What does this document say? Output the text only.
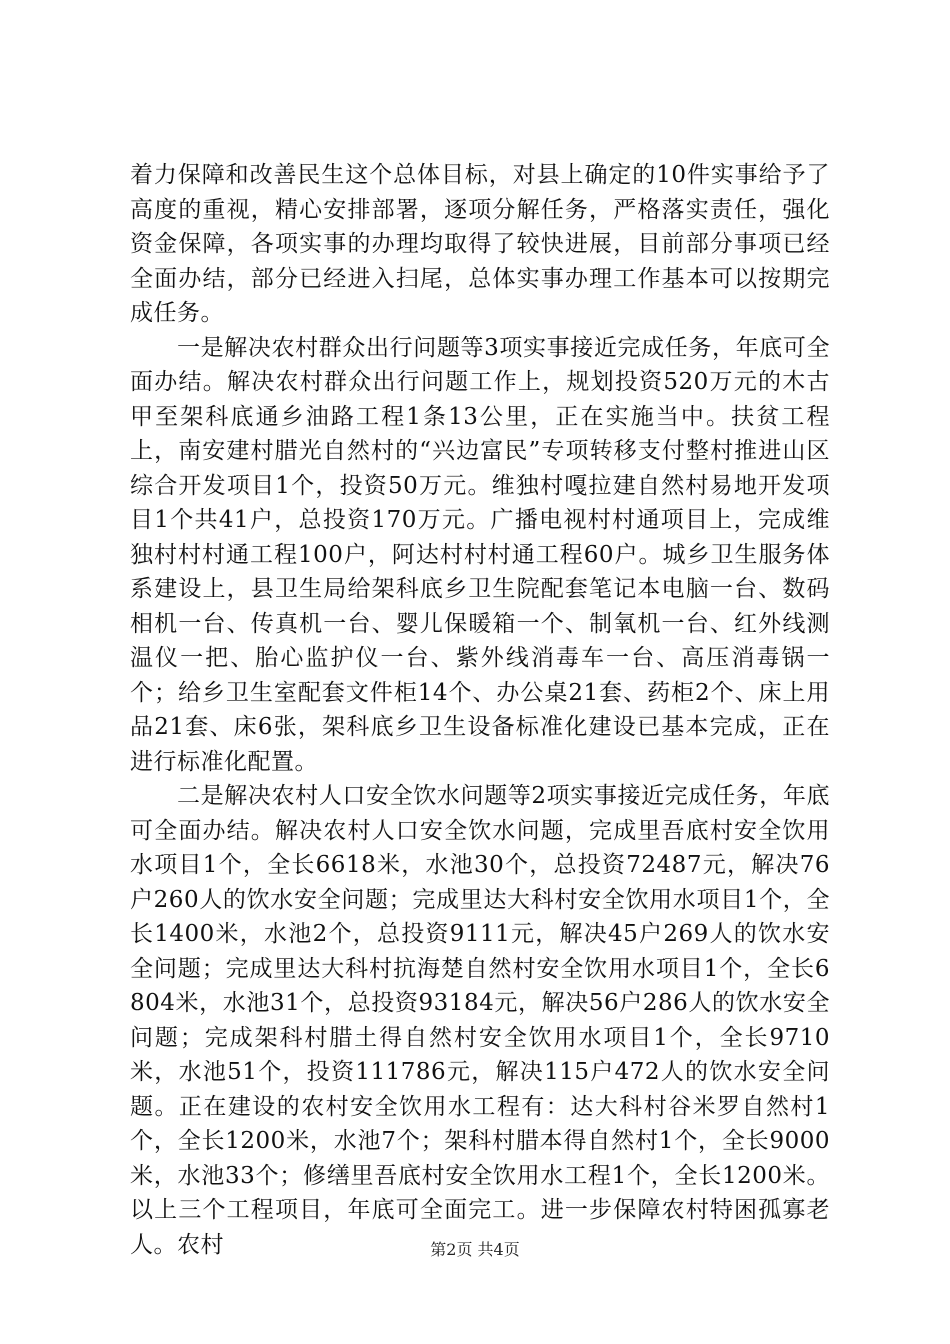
着力保障和改善民生这个总体目标，对县上确定的10件实事给予了高度的重视，精心安排部署，逐项分解任务，严格落实责任，强化资金保障，各项实事的办理均取得了较快进展，目前部分事项已经全面办结，部分已经进入扫尾，总体实事办理工作基本可以按期完成任务。

一是解决农村群众出行问题等3项实事接近完成任务，年底可全面办结。解决农村群众出行问题工作上，规划投资520万元的木古甲至架科底通乡油路工程1条13公里，正在实施当中。扶贫工程上，南安建村腊光自然村的“兴边富民”专项转移支付整村推进山区综合开发项目1个，投资50万元。维独村嘎拉建自然村易地开发项目1个共41户，总投资170万元。广播电视村村通项目上，完成维独村村村通工程100户，阿达村村村通工程60户。城乡卫生服务体系建设上，县卫生局给架科底乡卫生院配套笔记本电脑一台、数码相机一台、传真机一台、婴儿保暖箱一个、制氧机一台、红外线测温仪一把、胎心监护仪一台、紫外线消毒车一台、高压消毒锅一个；给乡卫生室配套文件柜14个、办公桌21套、药柜2个、床上用品21套、床6张，架科底乡卫生设备标准化建设已基本完成，正在进行标准化配置。

二是解决农村人口安全饮水问题等2项实事接近完成任务，年底可全面办结。解决农村人口安全饮水问题，完成里吾底村安全饮用水项目1个，全长6618米，水池30个，总投资72487元，解决76户260人的饮水安全问题；完成里达大科村安全饮用水项目1个，全长1400米，水池2个，总投资9111元，解决45户269人的饮水安全问题；完成里达大科村抗海楚自然村安全饮用水项目1个，全长6804米，水池31个，总投资93184元，解决56户286人的饮水安全问题；完成架科村腊土得自然村安全饮用水项目1个，全长9710米，水池51个，投资111786元，解决115户472人的饮水安全问题。正在建设的农村安全饮用水工程有：达大科村谷米罗自然村1个，全长1200米，水池7个；架科村腊本得自然村1个，全长9000米，水池33个；修缮里吾底村安全饮用水工程1个，全长1200米。以上三个工程项目，年底可全面完工。进一步保障农村特困孤寡老人。农村	第2页 共4页
